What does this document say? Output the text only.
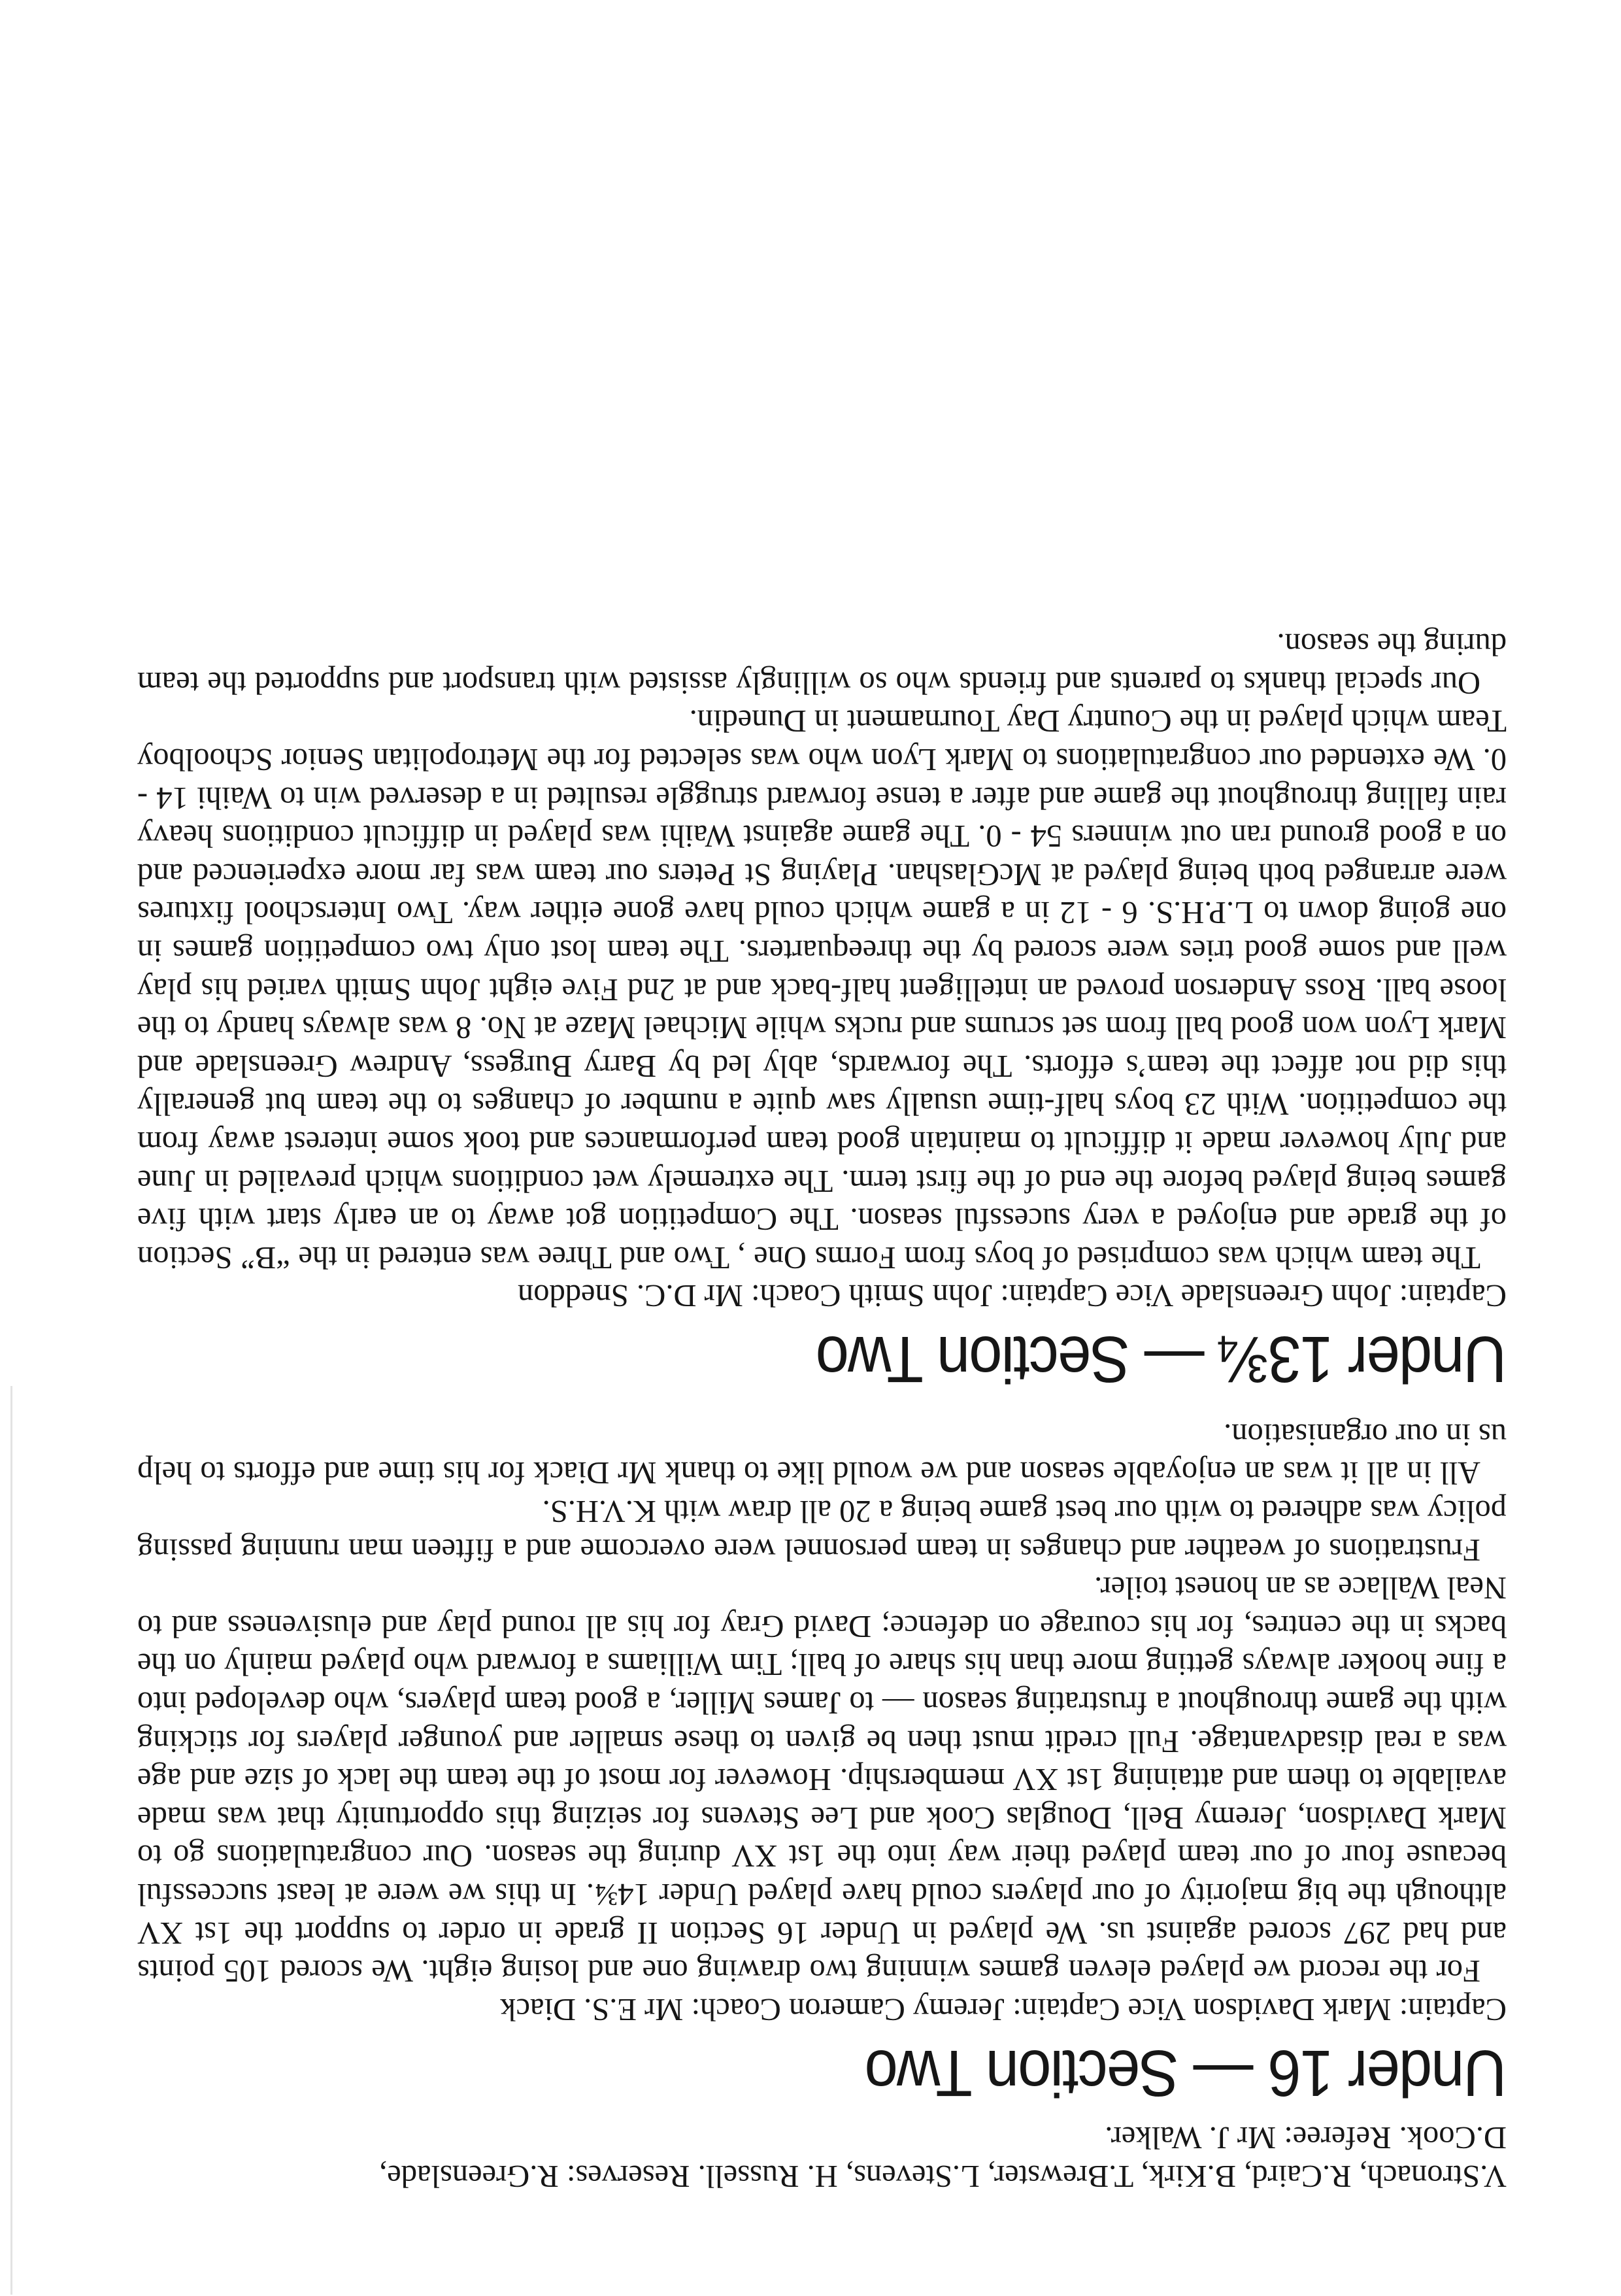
V.Stronach, R.Caird, B.Kirk, T.Brewster, L.Stevens, H. Russell. Reserves: R.Greenslade,

D.Cook. Referee: Mr J. Walker.

Under 16 — Section Two

Captain: Mark Davidson Vice Captain: Jeremy Cameron Coach: Mr E.S. Diack

For the record we played eleven games winning two drawing one and losing eight. We scored 105 points and had 297 scored against us. We played in Under 16 Section II grade in order to support the 1st XV although the big majority of our players could have played Under 14¾. In this we were at least successful because four of our team played their way into the 1st XV during the season. Our congratulations go to Mark Davidson, Jeremy Bell, Douglas Cook and Lee Stevens for seizing this opportunity that was made available to them and attaining 1st XV membership. However for most of the team the lack of size and age was a real disadvantage. Full credit must then be given to these smaller and younger players for sticking with the game throughout a frustrating season — to James Miller, a good team players, who developed into a fine hooker always getting more than his share of ball; Tim Williams a forward who played mainly on the backs in the centres, for his courage on defence; David Gray for his all round play and elusiveness and to Neal Wallace as an honest toiler.

Frustrations of weather and changes in team personnel were overcome and a fifteen man running passing policy was adhered to with our best game being a 20 all draw with K.V.H.S.

All in all it was an enjoyable season and we would like to thank Mr Diack for his time and efforts to help us in our organisation.

Under 13¾ — Section Two

Captain: John Greenslade Vice Captain: John Smith Coach: Mr D.C. Sneddon

The team which was comprised of boys from Forms One , Two and Three was entered in the “B” Section of the grade and enjoyed a very sucessful season. The Competition got away to an early start with five games being played before the end of the first term. The extremely wet conditions which prevailed in June and July however made it difficult to maintain good team performances and took some interest away from the competition. With 23 boys half-time usually saw quite a number of changes to the team but generally this did not affect the team’s efforts. The forwards, ably led by Barry Burgess, Andrew Greenslade and Mark Lyon won good ball from set scrums and rucks while Michael Maze at No. 8 was always handy to the loose ball. Ross Anderson proved an intelligent half-back and at 2nd Five eight John Smith varied his play well and some good tries were scored by the threequarters. The team lost only two competition games in one going down to L.P.H.S. 6 - 12 in a game which could have gone either way. Two Interschool fixtures were arranged both being played at McGlashan. Playing St Peters our team was far more experienced and on a good ground ran out winners 54 - 0. The game against Waihi was played in difficult conditions heavy rain falling throughout the game and after a tense forward struggle resulted in a deserved win to Waihi 14 - 0. We extended our congratulations to Mark Lyon who was selected for the Metropolitan Senior Schoolboy Team which played in the Country Day Tournament in Dunedin.

Our special thanks to parents and friends who so willingly assisted with transport and supported the team during the season.
